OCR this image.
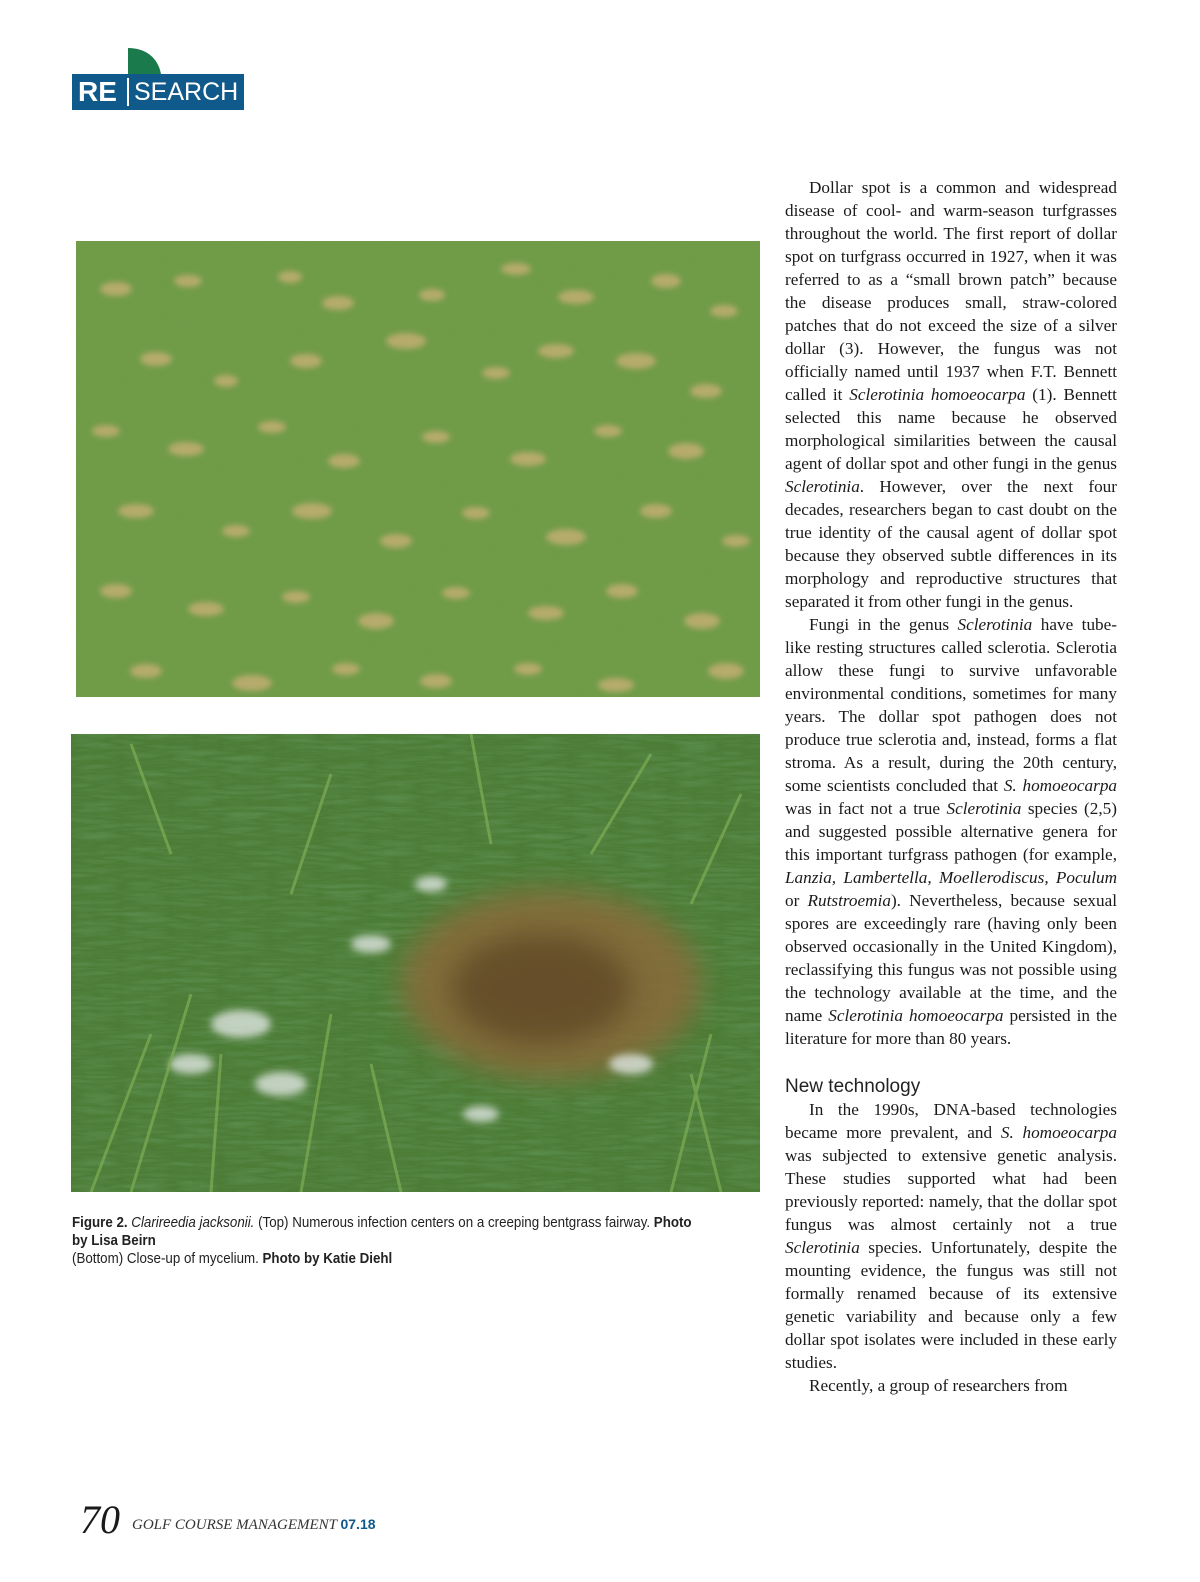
RE SEARCH
Figure 2. Clarireedia jacksonii. (Top) Numerous infection centers on a creeping bentgrass fairway. Photo by Lisa Beirn
(Bottom) Close-up of mycelium. Photo by Katie Diehl

Dollar spot is a common and widespread disease of cool- and warm-season turfgrasses throughout the world. The first report of dollar spot on turfgrass occurred in 1927, when it was referred to as a “small brown patch” because the disease produces small, straw-colored patches that do not exceed the size of a silver dollar (3). However, the fungus was not officially named until 1937 when F.T. Bennett called it Sclerotinia homoeocarpa (1). Bennett selected this name because he observed morphological similarities between the causal agent of dollar spot and other fungi in the genus Sclerotinia. However, over the next four decades, researchers began to cast doubt on the true identity of the causal agent of dollar spot because they observed subtle differences in its morphology and reproductive structures that separated it from other fungi in the genus.

Fungi in the genus Sclerotinia have tube-like resting structures called sclerotia. Sclerotia allow these fungi to survive unfavorable environmental conditions, sometimes for many years. The dollar spot pathogen does not produce true sclerotia and, instead, forms a flat stroma. As a result, during the 20th century, some scientists concluded that S. homoeocarpa was in fact not a true Sclerotinia species (2,5) and suggested possible alternative genera for this important turfgrass pathogen (for example, Lanzia, Lambertella, Moellerodiscus, Poculum or Rutstroemia). Nevertheless, because sexual spores are exceedingly rare (having only been observed occasionally in the United Kingdom), reclassifying this fungus was not possible using the technology available at the time, and the name Sclerotinia homoeocarpa persisted in the literature for more than 80 years.

New technology

In the 1990s, DNA-based technologies became more prevalent, and S. homoeocarpa was subjected to extensive genetic analysis. These studies supported what had been previously reported: namely, that the dollar spot fungus was almost certainly not a true Sclerotinia species. Unfortunately, despite the mounting evidence, the fungus was still not formally renamed because of its extensive genetic variability and because only a few dollar spot isolates were included in these early studies.

Recently, a group of researchers from

70 GOLF COURSE MANAGEMENT 07.18
